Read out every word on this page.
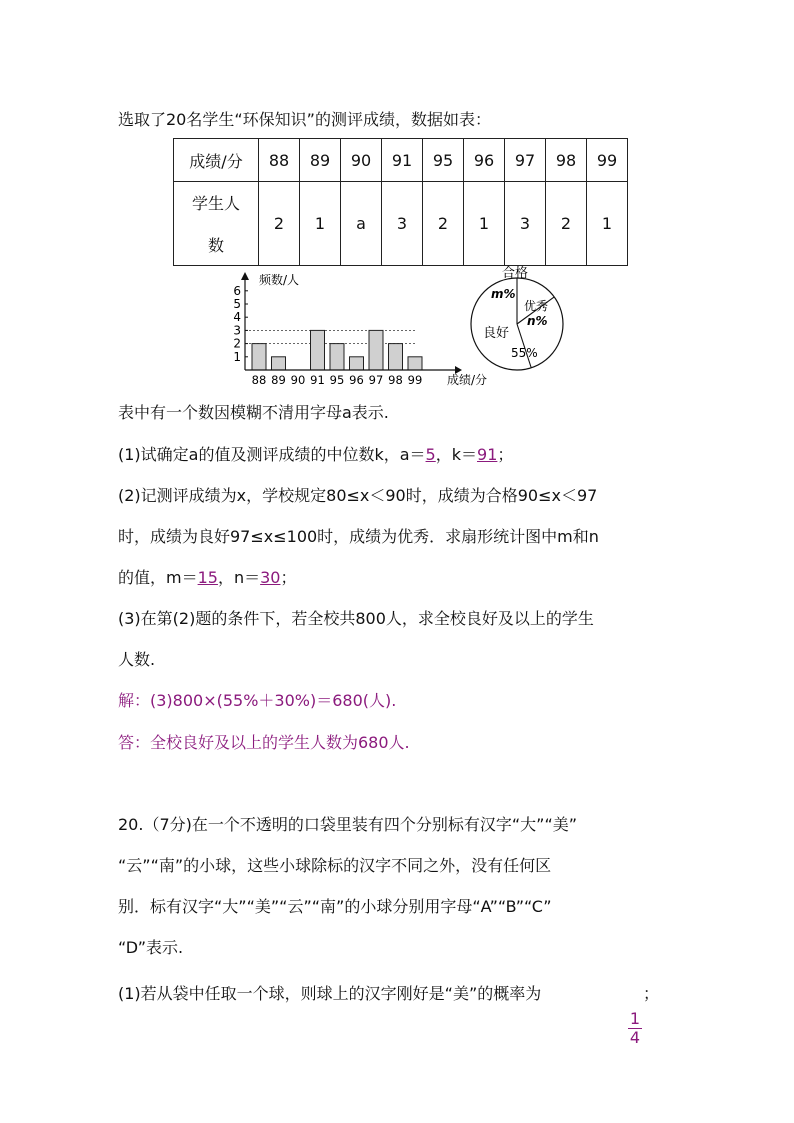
选取了20名学生“环保知识”的测评成绩，数据如表：
成绩/分	88	89	90	91	95	96	97	98	99
学生人

数	2	1	a	3	2	1	3	2	1
1
2
3
4
5
6
88 89 90 91 95 96 97 98 99
频数/人
成绩/分
合格
m%
优秀
n%
良好
55%
表中有一个数因模糊不清用字母a表示.
(1)试确定a的值及测评成绩的中位数k，a＝5，k＝91；
(2)记测评成绩为x，学校规定80≤x＜90时，成绩为合格90≤x＜97
时，成绩为良好97≤x≤100时，成绩为优秀．求扇形统计图中m和n
的值，m＝15，n＝30；
(3)在第(2)题的条件下，若全校共800人，求全校良好及以上的学生
人数.
解：(3)800×(55%＋30%)＝680(人).
答：全校良好及以上的学生人数为680人.
20.（7分)在一个不透明的口袋里装有四个分别标有汉字“大”“美”
“云”“南”的小球，这些小球除标的汉字不同之外，没有任何区
别．标有汉字“大”“美”“云”“南”的小球分别用字母“A”“B”“C”
“D”表示.
(1)若从袋中任取一个球，则球上的汉字刚好是“美”的概率为
$\frac{1}{4}$
；
